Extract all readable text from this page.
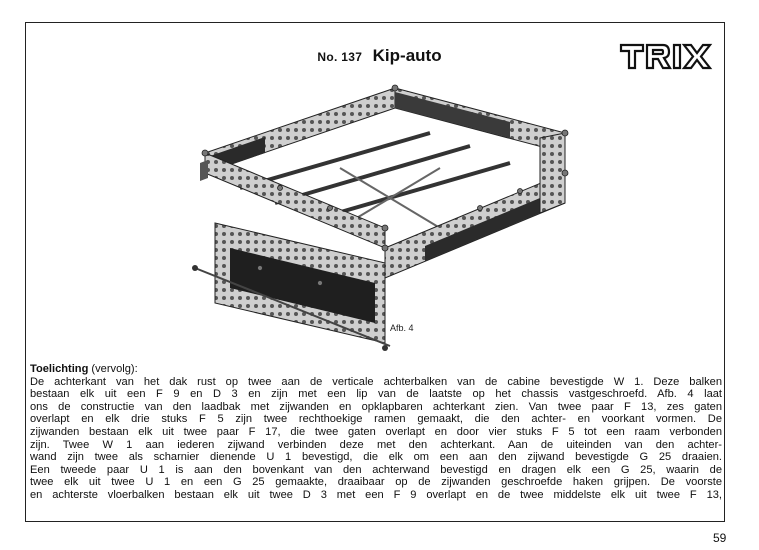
No. 137 Kip-auto
Afb. 4
Toelichting (vervolg):
De achterkant van het dak rust op twee aan de verticale achterbalken van de cabine bevestigde W 1. Deze balken
bestaan elk uit een F 9 en D 3 en zijn met een lip van de laatste op het chassis vastgeschroefd. Afb. 4 laat
ons de constructie van den laadbak met zijwanden en opklapbaren achterkant zien. Van twee paar F 13, zes gaten
overlapt en elk drie stuks F 5 zijn twee rechthoekige ramen gemaakt, die den achter- en voorkant vormen. De
zijwanden bestaan elk uit twee paar F 17, die twee gaten overlapt en door vier stuks F 5 tot een raam verbonden
zijn. Twee W 1 aan iederen zijwand verbinden deze met den achterkant. Aan de uiteinden van den achter-
wand zijn twee als scharnier dienende U 1 bevestigd, die elk om een aan den zijwand bevestigde G 25 draaien.
Een tweede paar U 1 is aan den bovenkant van den achterwand bevestigd en dragen elk een G 25, waarin de
twee elk uit twee U 1 en een G 25 gemaakte, draaibaar op de zijwanden geschroefde haken grijpen. De voorste
en achterste vloerbalken bestaan elk uit twee D 3 met een F 9 overlapt en de twee middelste elk uit twee F 13,
59
